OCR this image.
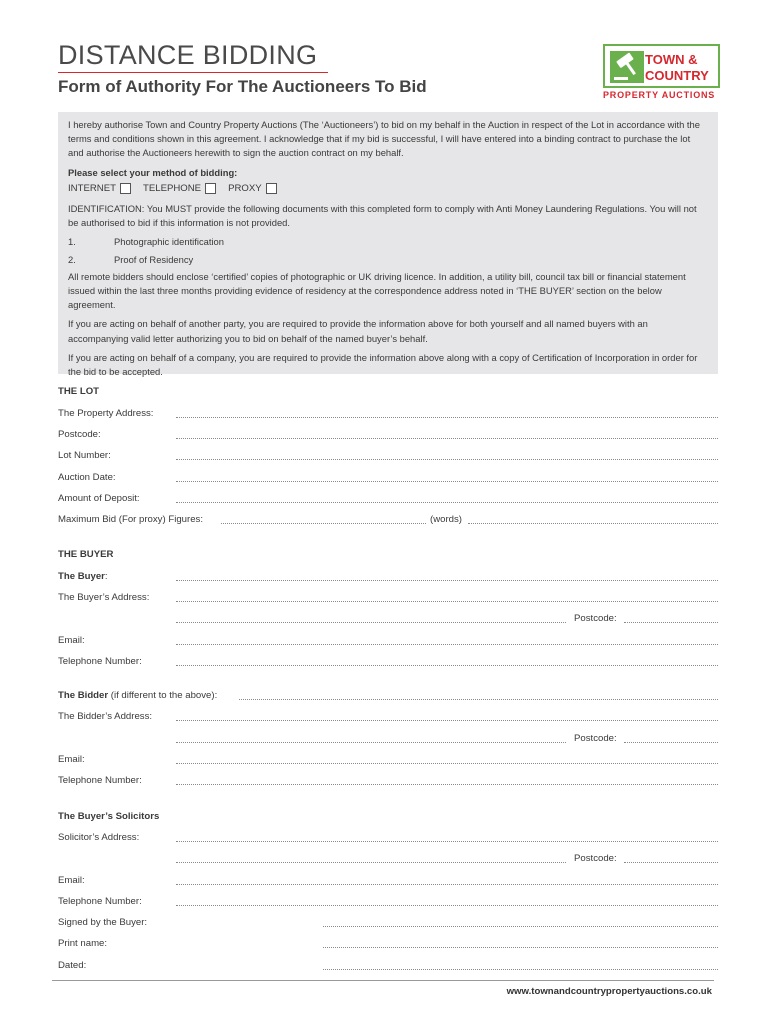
DISTANCE BIDDING
Form of Authority For The Auctioneers To Bid
TOWN &
COUNTRY
PROPERTY AUCTIONS

I hereby authorise Town and Country Property Auctions (The ‘Auctioneers’) to bid on my behalf in the Auction in respect of the Lot in accordance with the terms and conditions shown in this agreement. I acknowledge that if my bid is successful, I will have entered into a binding contract to purchase the lot and authorise the Auctioneers herewith to sign the auction contract on my behalf.

Please select your method of bidding:

INTERNET	TELEPHONE	PROXY

IDENTIFICATION: You MUST provide the following documents with this completed form to comply with Anti Money Laundering Regulations. You will not be authorised to bid if this information is not provided.

1.	Photographic identification
2.	Proof of Residency

All remote bidders should enclose ‘certified’ copies of photographic or UK driving licence. In addition, a utility bill, council tax bill or financial statement issued within the last three months providing evidence of residency at the correspondence address noted in ‘THE BUYER’ section on the below agreement.

If you are acting on behalf of another party, you are required to provide the information above for both yourself and all named buyers with an accompanying valid letter authorizing you to bid on behalf of the named buyer’s behalf.

If you are acting on behalf of a company, you are required to provide the information above along with a copy of Certification of Incorporation in order for the bid to be accepted.

THE LOT
The Property Address:
Postcode:
Lot Number:
Auction Date:
Amount of Deposit:
Maximum Bid (For proxy) Figures:	(words)
THE BUYER
The Buyer:
The Buyer’s Address:
Postcode:
Email:
Telephone Number:
The Bidder (if different to the above):
The Bidder’s Address:
Postcode:
Email:
Telephone Number:
The Buyer’s Solicitors
Solicitor’s Address:
Postcode:
Email:
Telephone Number:
Signed by the Buyer:
Print name:
Dated:
www.townandcountrypropertyauctions.co.uk
